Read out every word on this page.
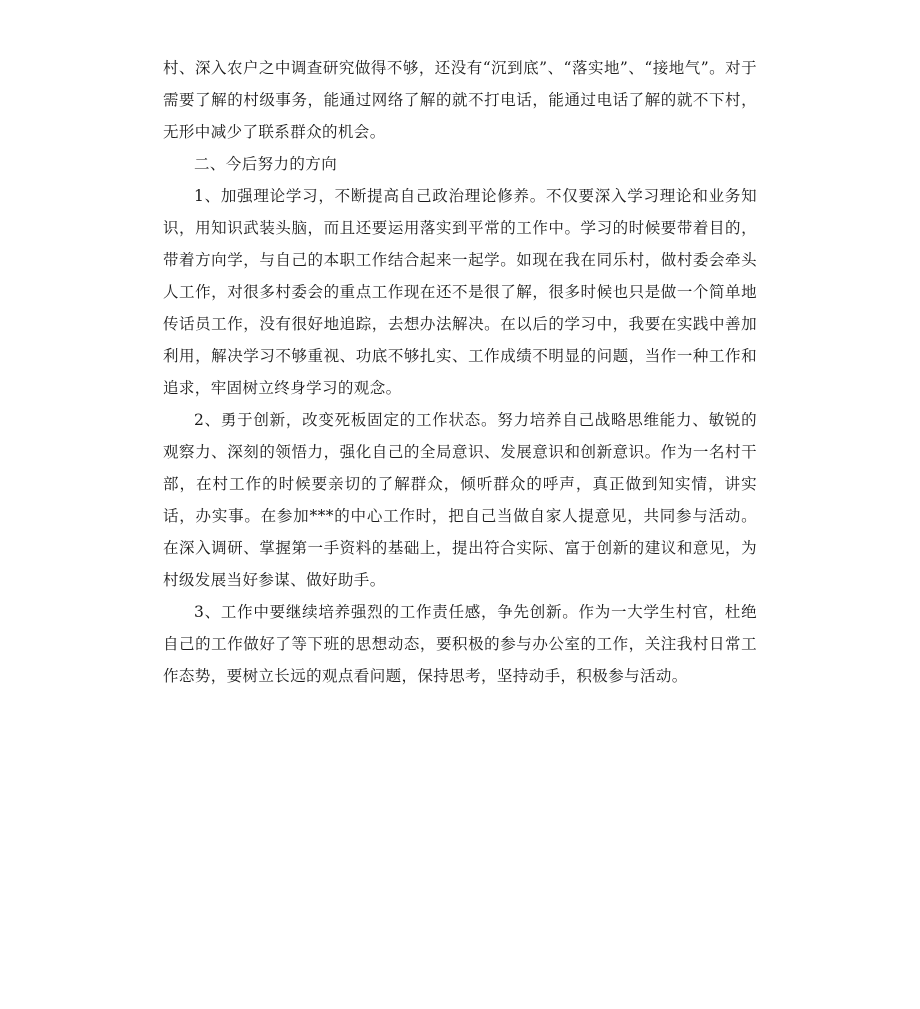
村、深入农户之中调查研究做得不够，还没有“沉到底”、“落实地”、“接地气”。对于需要了解的村级事务，能通过网络了解的就不打电话，能通过电话了解的就不下村，无形中减少了联系群众的机会。

二、今后努力的方向

1、加强理论学习，不断提高自己政治理论修养。不仅要深入学习理论和业务知识，用知识武装头脑，而且还要运用落实到平常的工作中。学习的时候要带着目的，带着方向学，与自己的本职工作结合起来一起学。如现在我在同乐村，做村委会牵头人工作，对很多村委会的重点工作现在还不是很了解，很多时候也只是做一个简单地传话员工作，没有很好地追踪，去想办法解决。在以后的学习中，我要在实践中善加利用，解决学习不够重视、功底不够扎实、工作成绩不明显的问题，当作一种工作和追求，牢固树立终身学习的观念。

2、勇于创新，改变死板固定的工作状态。努力培养自己战略思维能力、敏锐的观察力、深刻的领悟力，强化自己的全局意识、发展意识和创新意识。作为一名村干部，在村工作的时候要亲切的了解群众，倾听群众的呼声，真正做到知实情，讲实话，办实事。在参加***的中心工作时，把自己当做自家人提意见，共同参与活动。在深入调研、掌握第一手资料的基础上，提出符合实际、富于创新的建议和意见，为村级发展当好参谋、做好助手。

3、工作中要继续培养强烈的工作责任感，争先创新。作为一大学生村官，杜绝自己的工作做好了等下班的思想动态，要积极的参与办公室的工作，关注我村日常工作态势，要树立长远的观点看问题，保持思考，坚持动手，积极参与活动。
